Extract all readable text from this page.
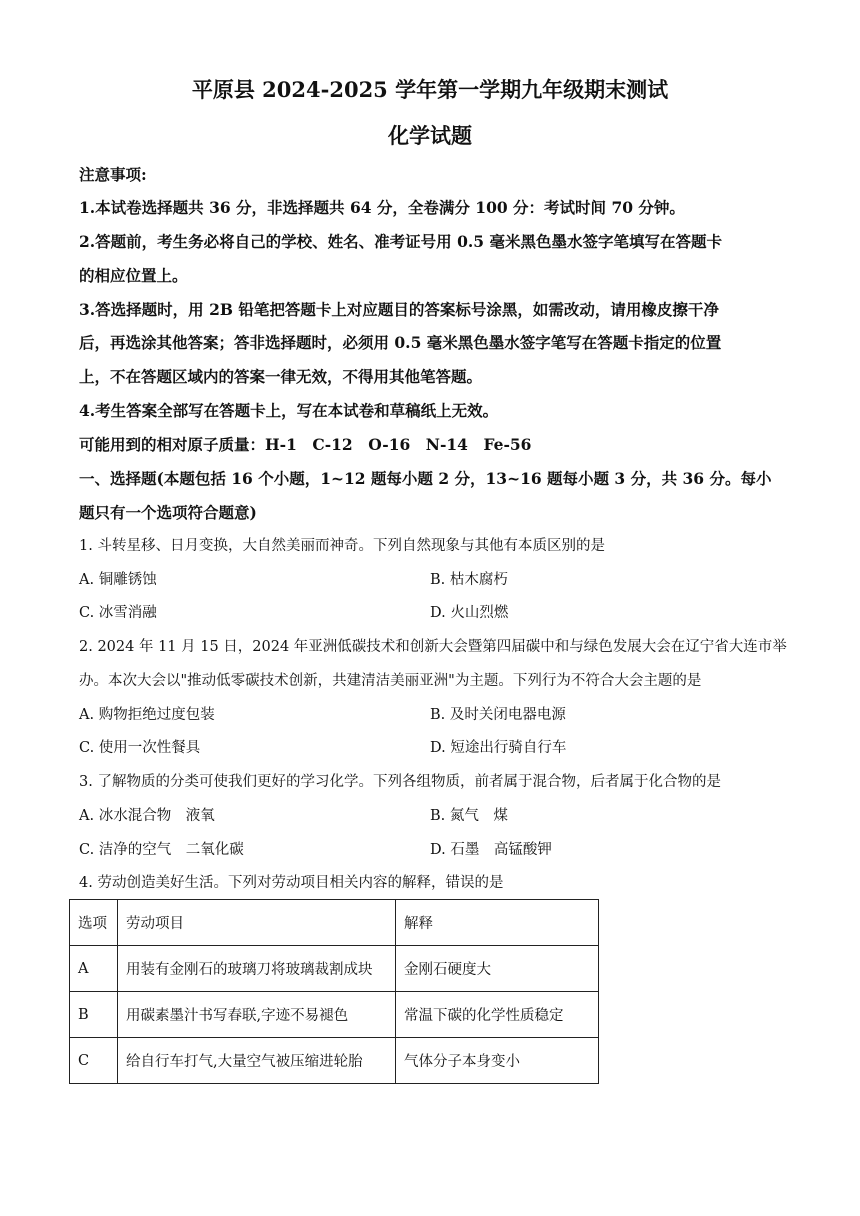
平原县 2024-2025 学年第一学期九年级期末测试
化学试题
注意事项:
1.本试卷选择题共 36 分，非选择题共 64 分，全卷满分 100 分：考试时间 70 分钟。
2.答题前，考生务必将自己的学校、姓名、准考证号用 0.5 毫米黑色墨水签字笔填写在答题卡
的相应位置上。
3.答选择题时，用 2B 铅笔把答题卡上对应题目的答案标号涂黑，如需改动，请用橡皮擦干净
后，再选涂其他答案；答非选择题时，必须用 0.5 毫米黑色墨水签字笔写在答题卡指定的位置
上，不在答题区域内的答案一律无效，不得用其他笔答题。
4.考生答案全部写在答题卡上，写在本试卷和草稿纸上无效。
可能用到的相对原子质量：H-1　C-12　O-16　N-14　Fe-56
一、选择题(本题包括 16 个小题，1~12 题每小题 2 分，13~16 题每小题 3 分，共 36 分。每小
题只有一个选项符合题意)
1. 斗转星移、日月变换，大自然美丽而神奇。下列自然现象与其他有本质区别的是
A. 铜雕锈蚀	B. 枯木腐朽
C. 冰雪消融	D. 火山烈燃
2. 2024 年 11 月 15 日，2024 年亚洲低碳技术和创新大会暨第四届碳中和与绿色发展大会在辽宁省大连市举
办。本次大会以"推动低零碳技术创新，共建清洁美丽亚洲"为主题。下列行为不符合大会主题的是
A. 购物拒绝过度包装	B. 及时关闭电器电源
C. 使用一次性餐具	D. 短途出行骑自行车
3. 了解物质的分类可使我们更好的学习化学。下列各组物质，前者属于混合物，后者属于化合物的是
A. 冰水混合物　液氧	B. 氮气　煤
C. 洁净的空气　二氧化碳	D. 石墨　高锰酸钾
4. 劳动创造美好生活。下列对劳动项目相关内容的解释，错误的是
选项	劳动项目	解释
A	用装有金刚石的玻璃刀将玻璃裁割成块	金刚石硬度大
B	用碳素墨汁书写春联,字迹不易褪色	常温下碳的化学性质稳定
C	给自行车打气,大量空气被压缩进轮胎	气体分子本身变小
